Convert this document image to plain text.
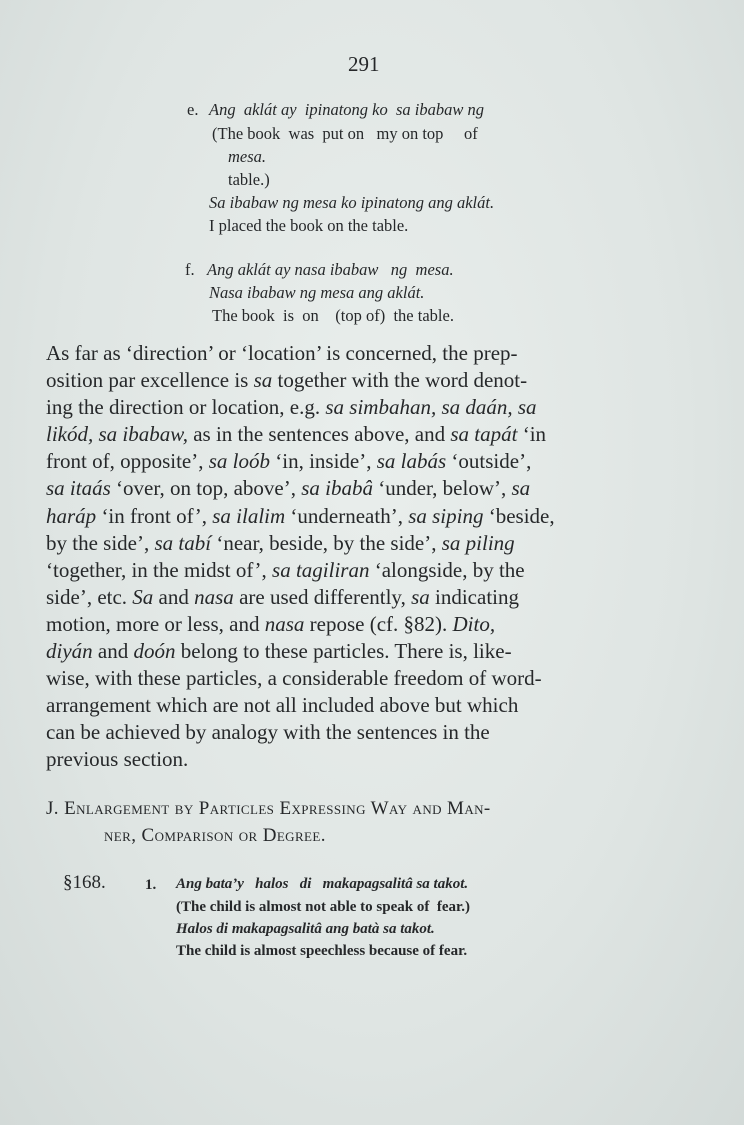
291
e. Ang  aklát ay  ipinatong ko  sa ibabaw ng
(The book  was  put on   my on top     of
mesa.
table.)
Sa ibabaw ng mesa ko ipinatong ang aklát.
I placed the book on the table.
f. Ang aklát ay nasa ibabaw   ng  mesa.
Nasa ibabaw ng mesa ang aklát.
The book  is  on    (top of)  the table.
As far as ‘direction’ or ‘location’ is concerned, the prep-
osition par excellence is sa together with the word denot-
ing the direction or location, e.g. sa simbahan, sa daán, sa
likód, sa ibabaw, as in the sentences above, and sa tapát ‘in
front of, opposite’, sa loób ‘in, inside’, sa labás ‘outside’,
sa itaás ‘over, on top, above’, sa ibabâ ‘under, below’, sa
haráp ‘in front of’, sa ilalim ‘underneath’, sa siping ‘beside,
by the side’, sa tabí ‘near, beside, by the side’, sa piling
‘together, in the midst of’, sa tagiliran ‘alongside, by the
side’, etc. Sa and nasa are used differently, sa indicating
motion, more or less, and nasa repose (cf. §82). Dito,
diyán and doón belong to these particles. There is, like-
wise, with these particles, a considerable freedom of word-
arrangement which are not all included above but which
can be achieved by analogy with the sentences in the
previous section.
J. Enlargement by Particles Expressing Way and Man-
ner, Comparison or Degree.
§168.	1. Ang bata’y   halos   di   makapagsalitâ sa takot.
(The child is almost not able to speak of  fear.)
Halos di makapagsalitâ ang batà sa takot.
The child is almost speechless because of fear.
